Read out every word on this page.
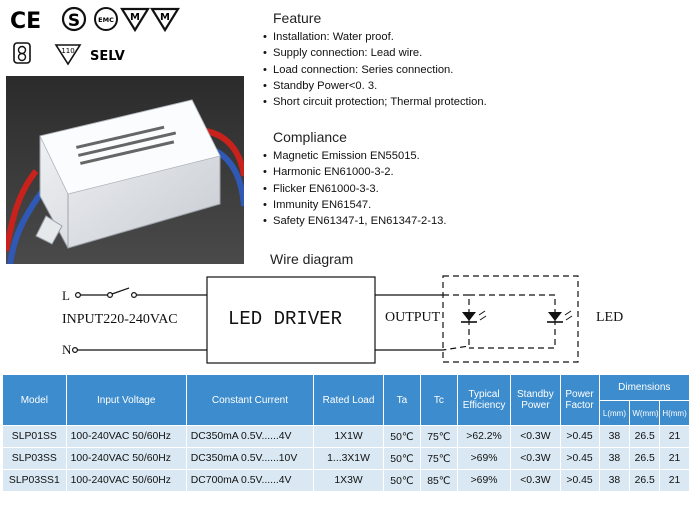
CE S	EMC M M
110 SELV
Feature
• Installation: Water proof.
• Supply connection: Lead wire.
• Load connection: Series connection.
• Standby Power<0. 3.
• Short circuit protection; Thermal protection.
Compliance
• Magnetic Emission EN55015.
• Harmonic EN61000-3-2.
• Flicker EN61000-3-3.
• Immunity EN61547.
• Safety EN61347-1, EN61347-2-13.
Wire diagram
L
N
INPUT220-240VAC	LED DRIVER	OUTPUT	LED
Model	Input Voltage	Constant Current	Rated Load	Ta	Tc	Typical Efficiency	Standby Power	Power Factor	Dimensions		
									L(mm)	W(mm)	H(mm)
SLP01SS	100-240VAC 50/60Hz	DC350mA 0.5V......4V	1X1W	50℃	75℃	>62.2%	<0.3W	>0.45	38	26.5	21
SLP03SS	100-240VAC 50/60Hz	DC350mA 0.5V......10V	1...3X1W	50℃	75℃	>69%	<0.3W	>0.45	38	26.5	21
SLP03SS1	100-240VAC 50/60Hz	DC700mA 0.5V......4V	1X3W	50℃	85℃	>69%	<0.3W	>0.45	38	26.5	21
